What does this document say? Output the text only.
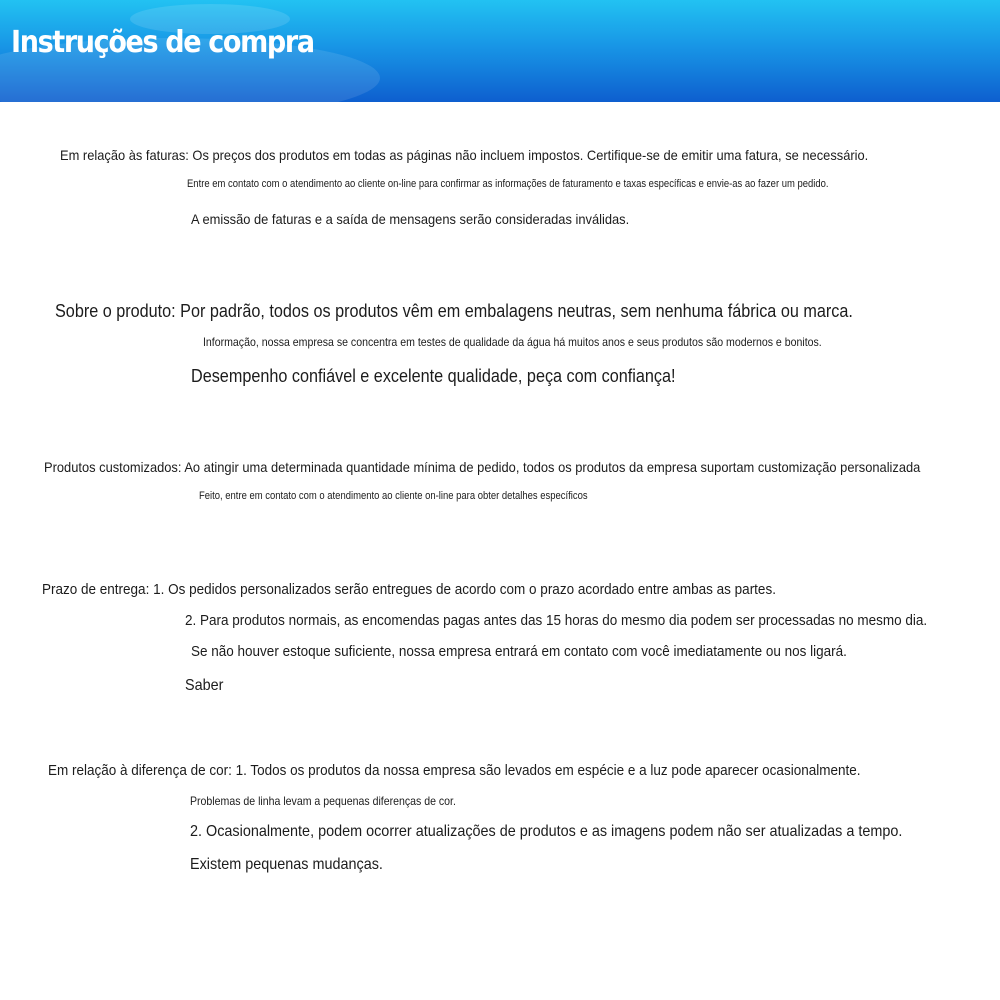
Instruções de compra

Em relação às faturas: Os preços dos produtos em todas as páginas não incluem impostos. Certifique-se de emitir uma fatura, se necessário.

Entre em contato com o atendimento ao cliente on-line para confirmar as informações de faturamento e taxas específicas e envie-as ao fazer um pedido.

A emissão de faturas e a saída de mensagens serão consideradas inválidas.

Sobre o produto: Por padrão, todos os produtos vêm em embalagens neutras, sem nenhuma fábrica ou marca.

Informação, nossa empresa se concentra em testes de qualidade da água há muitos anos e seus produtos são modernos e bonitos.

Desempenho confiável e excelente qualidade, peça com confiança!

Produtos customizados: Ao atingir uma determinada quantidade mínima de pedido, todos os produtos da empresa suportam customização personalizada

Feito, entre em contato com o atendimento ao cliente on-line para obter detalhes específicos

Prazo de entrega: 1. Os pedidos personalizados serão entregues de acordo com o prazo acordado entre ambas as partes.

2. Para produtos normais, as encomendas pagas antes das 15 horas do mesmo dia podem ser processadas no mesmo dia.

Se não houver estoque suficiente, nossa empresa entrará em contato com você imediatamente ou nos ligará.

Saber

Em relação à diferença de cor: 1. Todos os produtos da nossa empresa são levados em espécie e a luz pode aparecer ocasionalmente.

Problemas de linha levam a pequenas diferenças de cor.

2. Ocasionalmente, podem ocorrer atualizações de produtos e as imagens podem não ser atualizadas a tempo.

Existem pequenas mudanças.
